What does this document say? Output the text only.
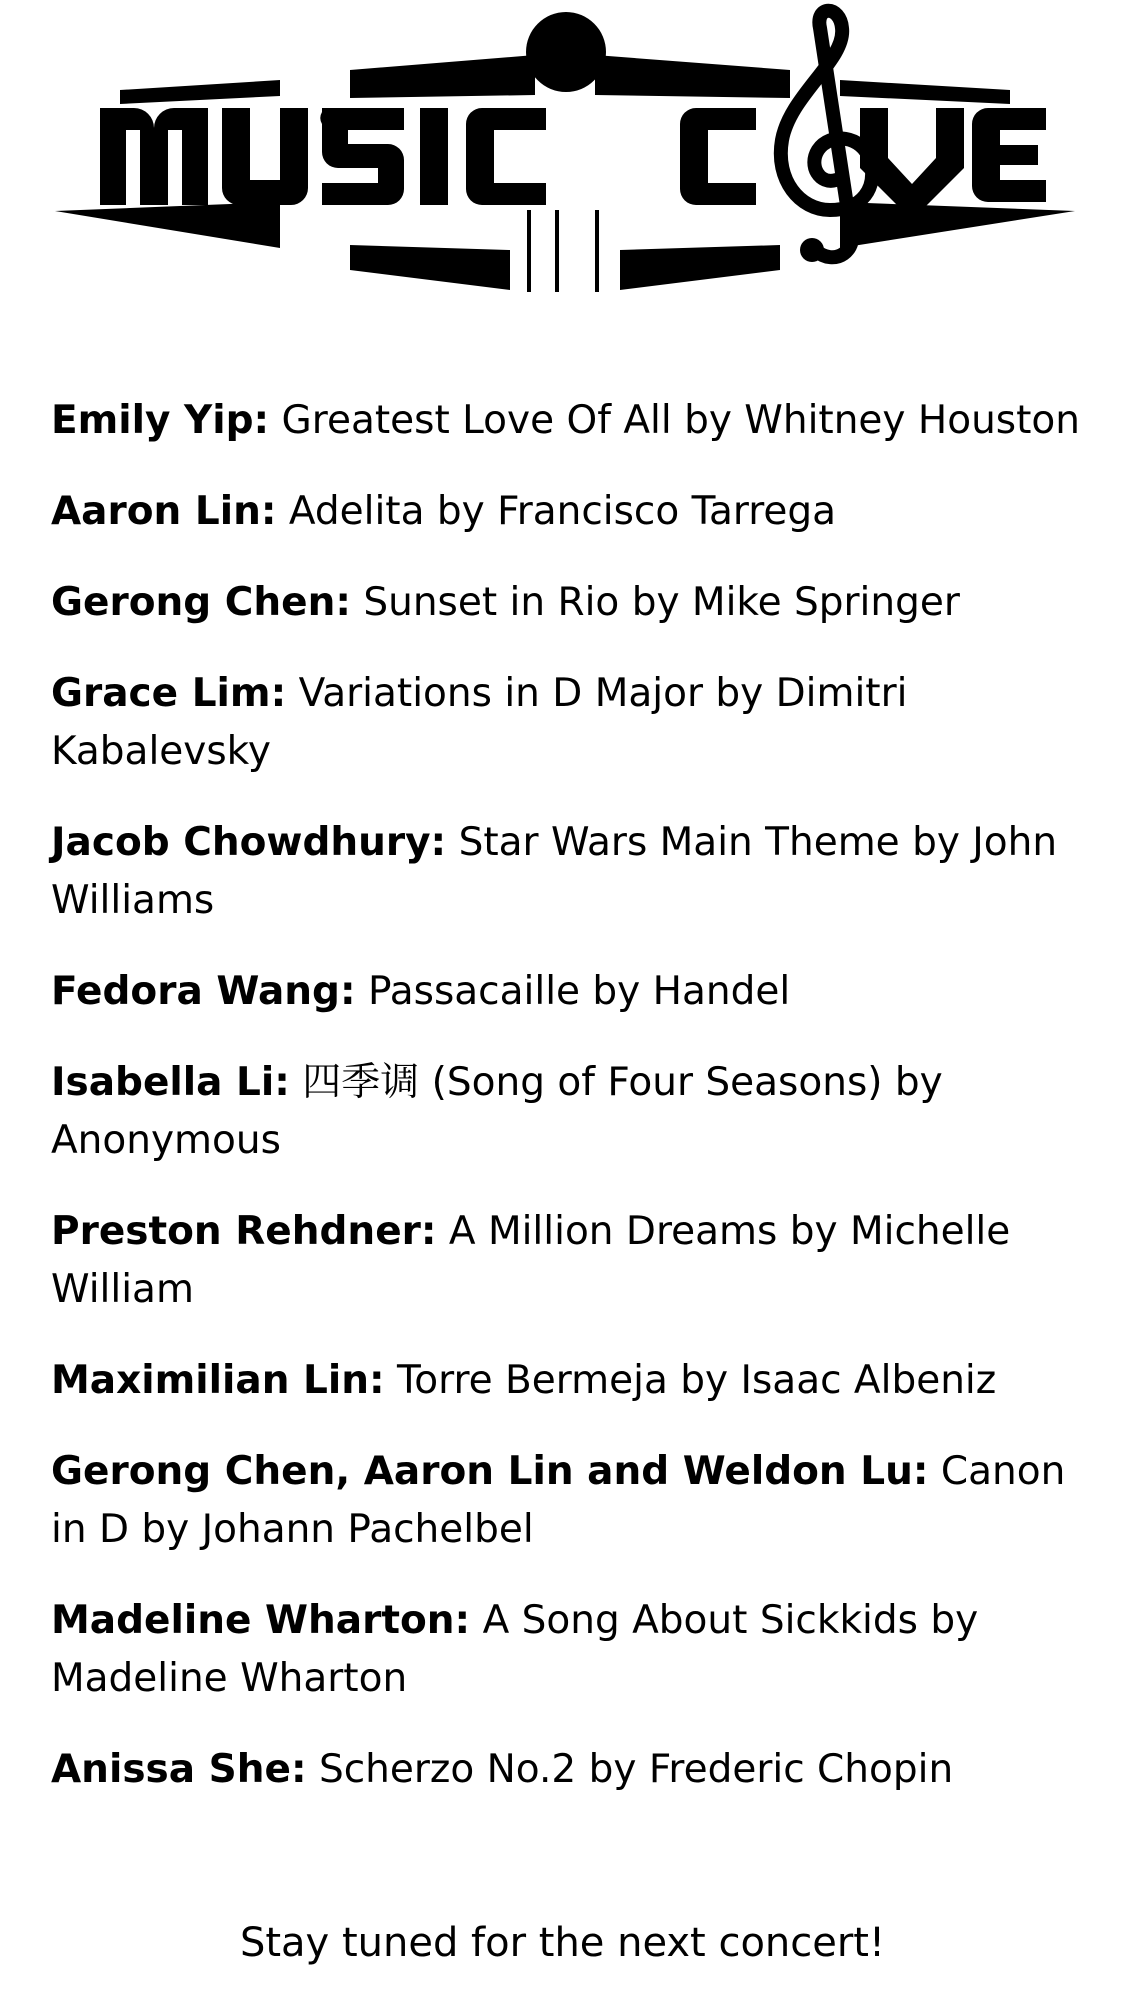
Emily Yip: Greatest Love Of All by Whitney Houston
Aaron Lin: Adelita by Francisco Tarrega
Gerong Chen: Sunset in Rio by Mike Springer
Grace Lim: Variations in D Major by Dimitri Kabalevsky
Jacob Chowdhury: Star Wars Main Theme by John Williams
Fedora Wang: Passacaille by Handel
Isabella Li: 四季调 (Song of Four Seasons) by Anonymous
Preston Rehdner: A Million Dreams by Michelle William
Maximilian Lin: Torre Bermeja by Isaac Albeniz
Gerong Chen, Aaron Lin and Weldon Lu: Canon in D by Johann Pachelbel
Madeline Wharton: A Song About Sickkids by Madeline Wharton
Anissa She: Scherzo No.2 by Frederic Chopin

Stay tuned for the next concert!
